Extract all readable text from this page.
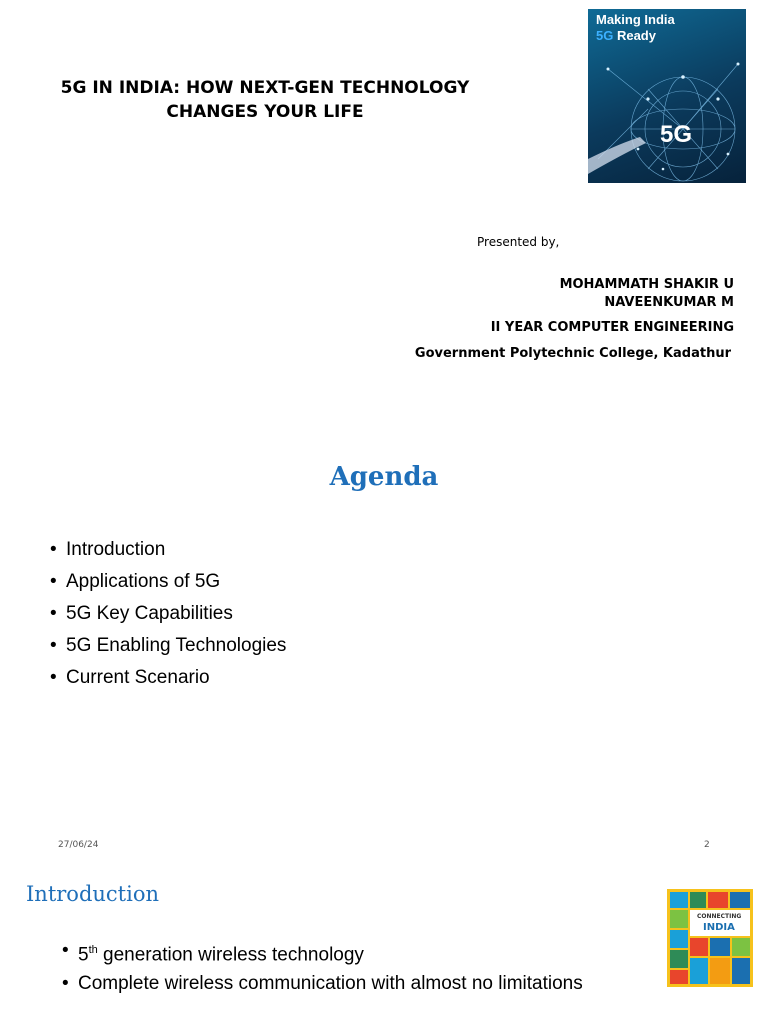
5G IN INDIA: HOW NEXT-GEN TECHNOLOGY
CHANGES YOUR LIFE
Making India
5G Ready
5G
Presented by,
MOHAMMATH SHAKIR U
NAVEENKUMAR M
II YEAR COMPUTER ENGINEERING
Government Polytechnic College, Kadathur
Agenda
• Introduction
• Applications of 5G
• 5G Key Capabilities
• 5G Enabling Technologies
• Current Scenario
27/06/24	2
Introduction
• 5th generation wireless technology
• Complete wireless communication with almost no limitations
CONNECTING
INDIA
